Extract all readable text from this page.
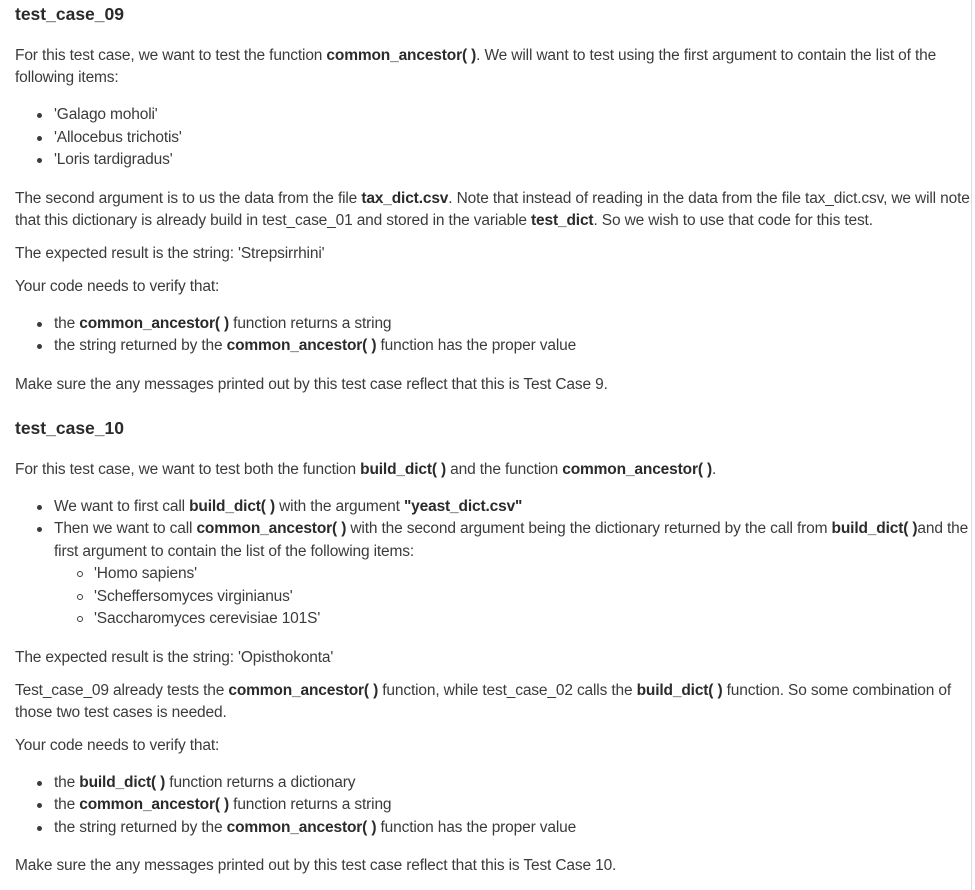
test_case_09

For this test case, we want to test the function common_ancestor( ). We will want to test using the first argument to contain the list of the following items:

'Galago moholi'
'Allocebus trichotis'
'Loris tardigradus'

The second argument is to us the data from the file tax_dict.csv. Note that instead of reading in the data from the file tax_dict.csv, we will note that this dictionary is already build in test_case_01 and stored in the variable test_dict. So we wish to use that code for this test.

The expected result is the string: 'Strepsirrhini'

Your code needs to verify that:

the common_ancestor( ) function returns a string
the string returned by the common_ancestor( ) function has the proper value

Make sure the any messages printed out by this test case reflect that this is Test Case 9.

test_case_10

For this test case, we want to test both the function build_dict( ) and the function common_ancestor( ).

We want to first call build_dict( ) with the argument "yeast_dict.csv"
Then we want to call common_ancestor( ) with the second argument being the dictionary returned by the call from build_dict( )and the first argument to contain the list of the following items:
'Homo sapiens'
'Scheffersomyces virginianus'
'Saccharomyces cerevisiae 101S'

The expected result is the string: 'Opisthokonta'

Test_case_09 already tests the common_ancestor( ) function, while test_case_02 calls the build_dict( ) function. So some combination of those two test cases is needed.

Your code needs to verify that:

the build_dict( ) function returns a dictionary
the common_ancestor( ) function returns a string
the string returned by the common_ancestor( ) function has the proper value

Make sure the any messages printed out by this test case reflect that this is Test Case 10.
